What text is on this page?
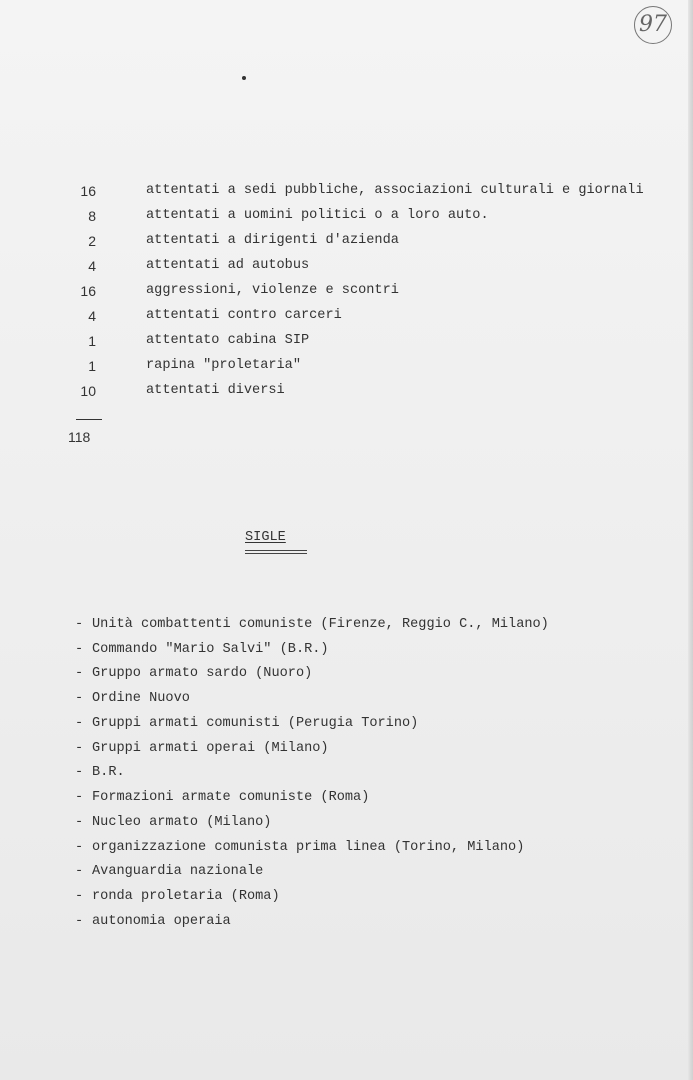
97
16	attentati a sedi pubbliche, associazioni culturali e giornali
8	attentati a uomini politici o a loro auto.
2	attentati a dirigenti d'azienda
4	attentati ad autobus
16	aggressioni, violenze e scontri
4	attentati contro carceri
1	attentato cabina SIP
1	rapina "proletaria"
10	attentati diversi
118
SIGLE
- Unità combattenti comuniste (Firenze, Reggio C., Milano)
- Commando "Mario Salvi" (B.R.)
- Gruppo armato sardo (Nuoro)
- Ordine Nuovo
- Gruppi armati comunisti (Perugia Torino)
- Gruppi armati operai (Milano)
- B.R.
- Formazioni armate comuniste (Roma)
- Nucleo armato (Milano)
- organizzazione comunista prima linea (Torino, Milano)
- Avanguardia nazionale
- ronda proletaria (Roma)
- autonomia operaia
